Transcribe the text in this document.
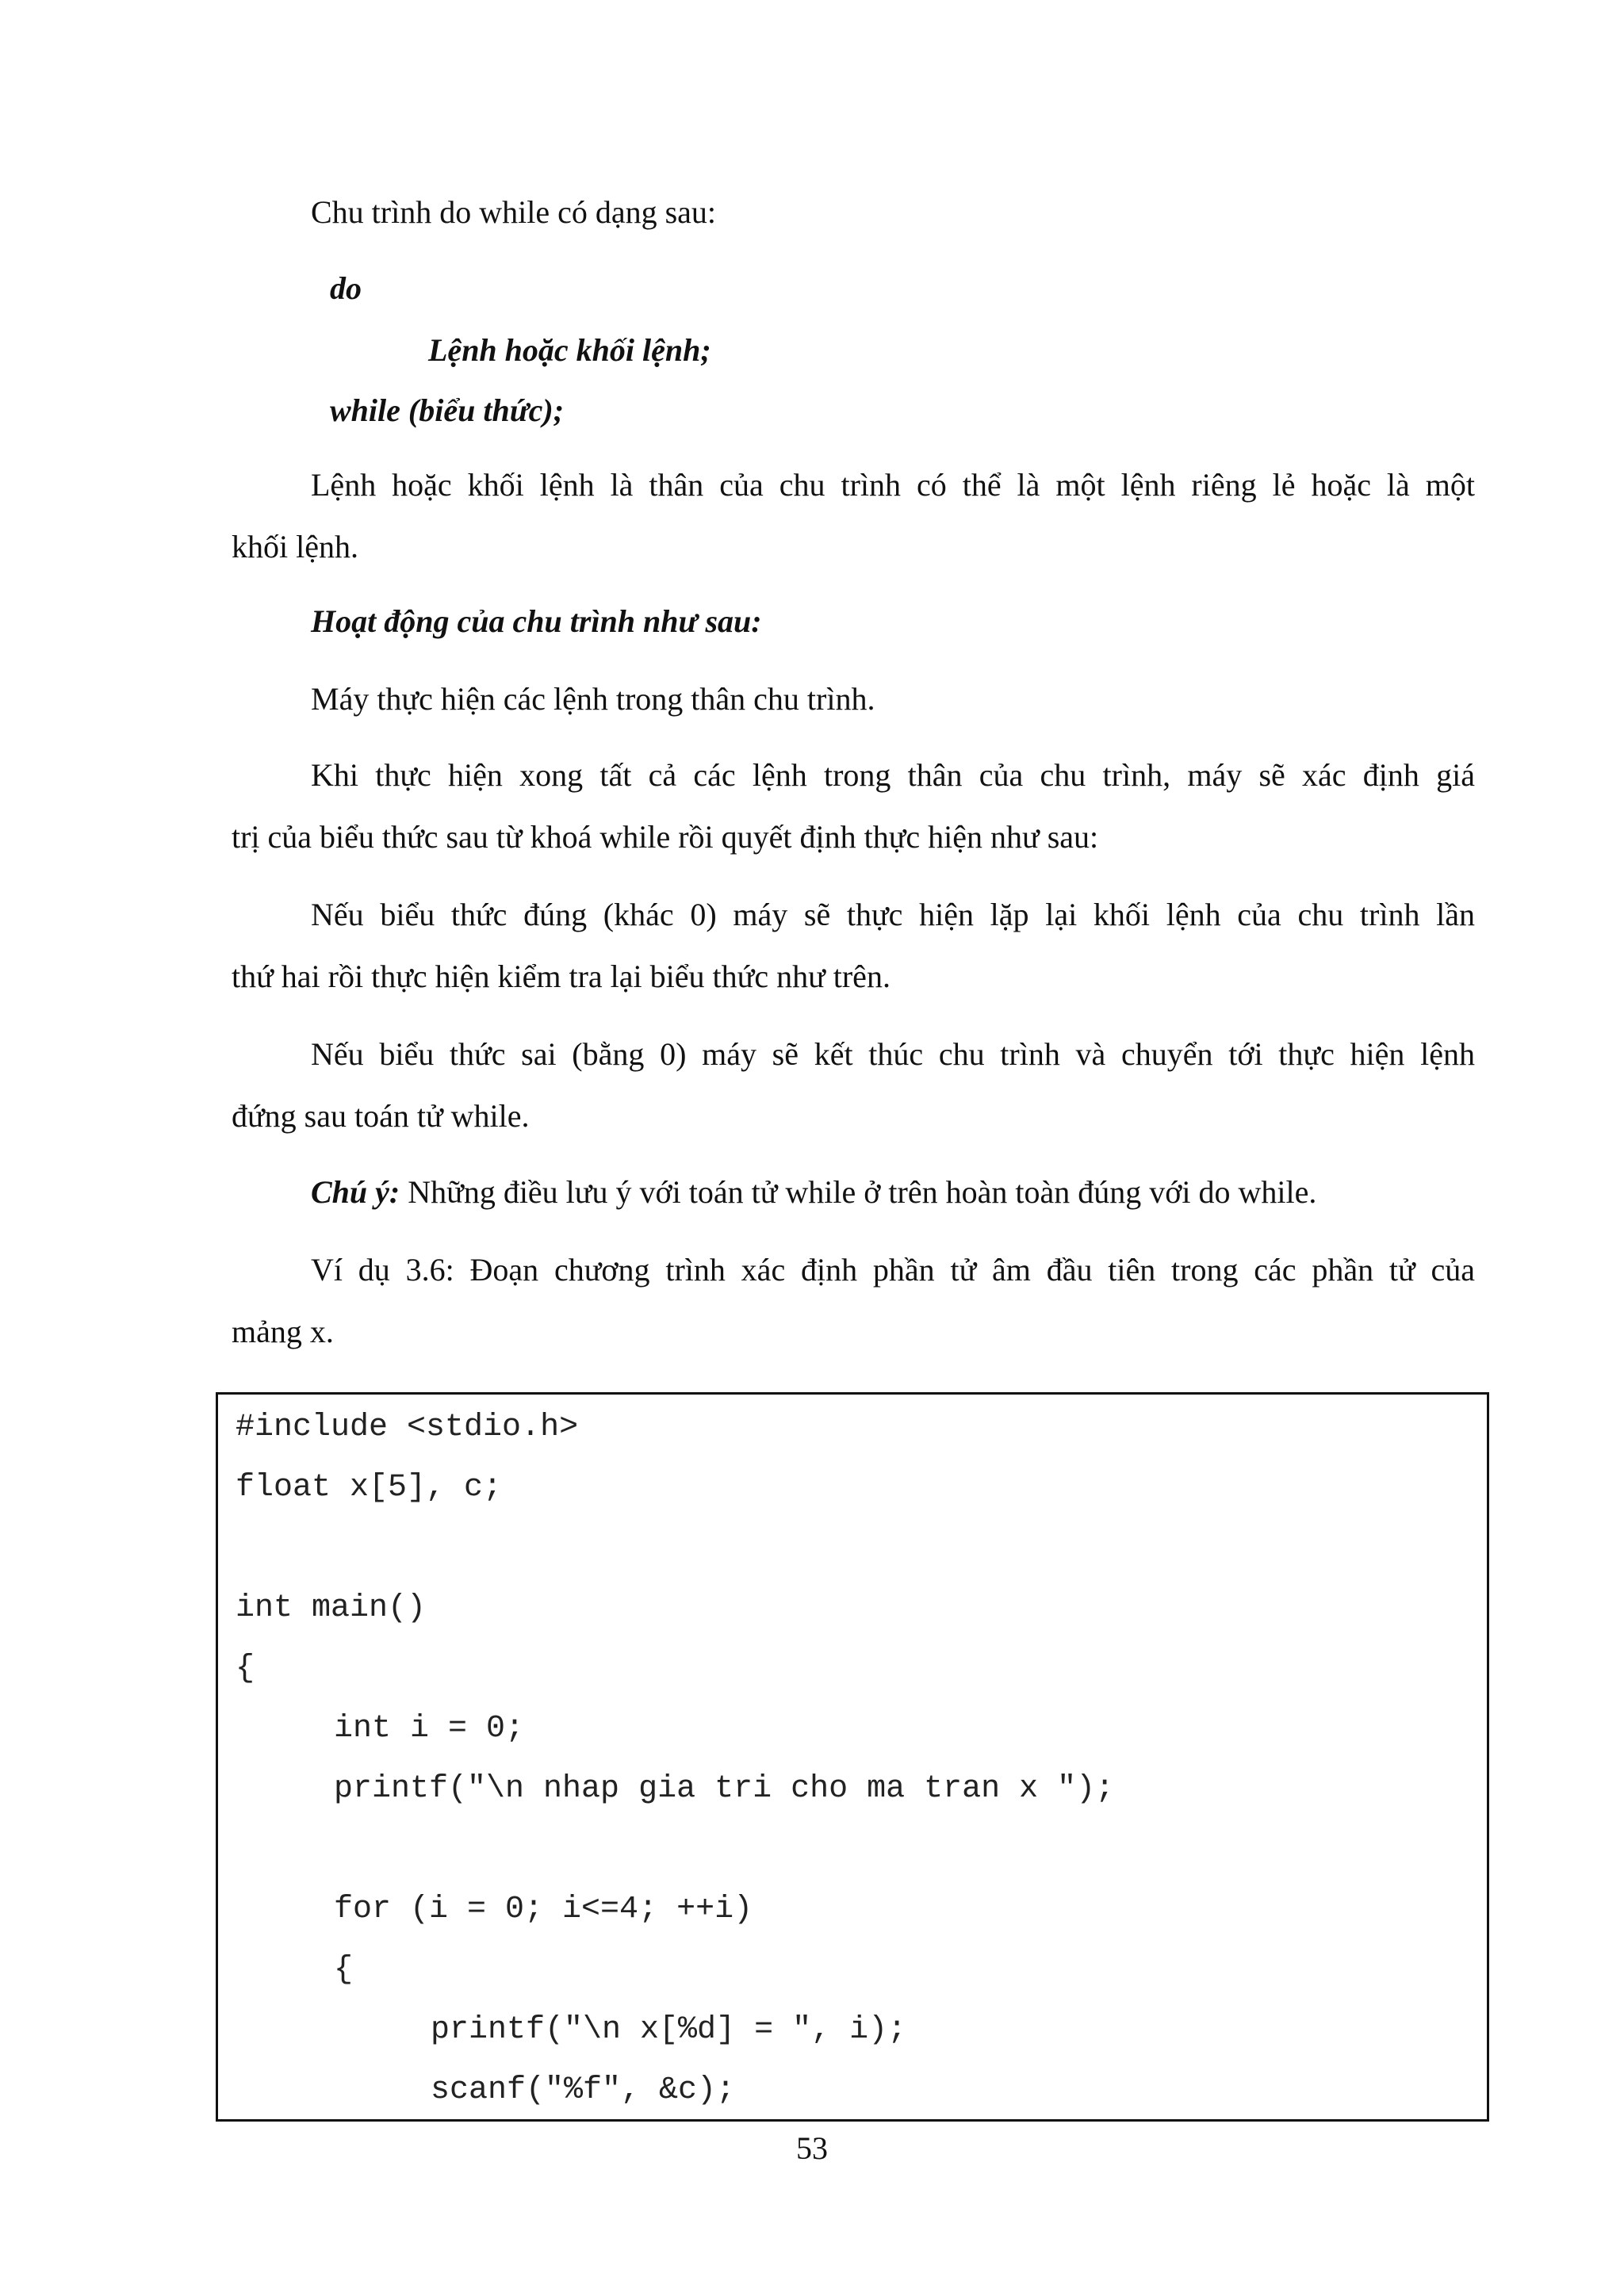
Chu trình do while có dạng sau:
do
Lệnh hoặc khối lệnh;
while (biểu thức);
Lệnh hoặc khối lệnh là thân của chu trình có thể là một lệnh riêng lẻ hoặc là một
khối lệnh.
Hoạt động của chu trình như sau:
Máy thực hiện các lệnh trong thân chu trình.
Khi thực hiện xong tất cả các lệnh trong thân của chu trình, máy sẽ xác định giá
trị của biểu thức sau từ khoá while rồi quyết định thực hiện như sau:
Nếu biểu thức đúng (khác 0) máy sẽ thực hiện lặp lại khối lệnh của chu trình lần
thứ hai rồi thực hiện kiểm tra lại biểu thức như trên.
Nếu biểu thức sai (bằng 0) máy sẽ kết thúc chu trình và chuyển tới thực hiện lệnh
đứng sau toán tử while.
Chú ý: Những điều lưu ý với toán tử while ở trên hoàn toàn đúng với do while.
Ví dụ 3.6: Đoạn chương trình xác định phần tử âm đầu tiên trong các phần tử của
mảng x.
#include <stdio.h>
float x[5], c;
int main()
{
int i = 0;
printf("\n nhap gia tri cho ma tran x ");
for (i = 0; i<=4; ++i)
{
printf("\n x[%d] = ", i);
scanf("%f", &c);
53
